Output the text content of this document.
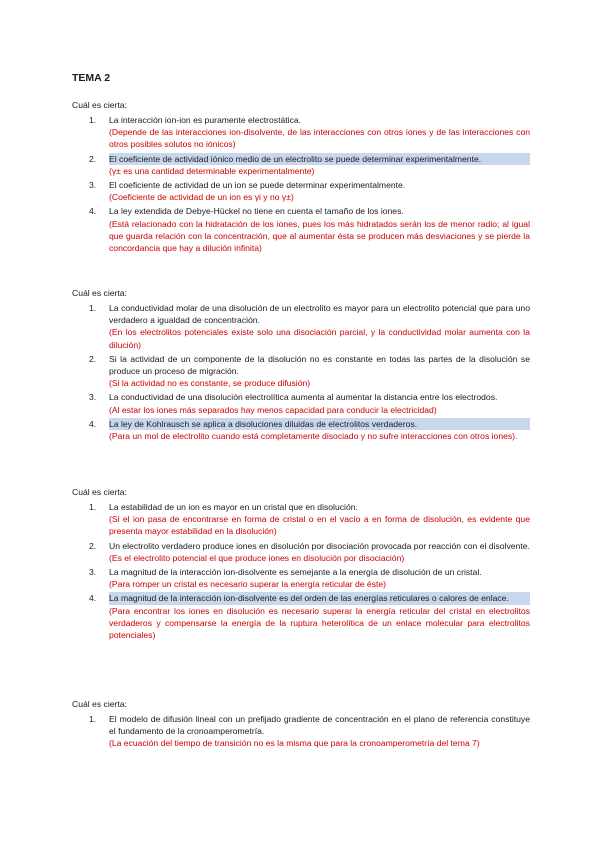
TEMA 2
Cuál es cierta:
1. La interacción ion-ion es puramente electrostática.
(Depende de las interacciones ion-disolvente, de las interacciones con otros iones y de las interacciones con otros posibles solutos no iónicos)
2. El coeficiente de actividad iónico medio de un electrolito se puede determinar experimentalmente.
(γ± es una cantidad determinable experimentalmente)
3. El coeficiente de actividad de un ion se puede determinar experimentalmente.
(Coeficiente de actividad de un ion es γi y no γ±)
4. La ley extendida de Debye-Hückel no tiene en cuenta el tamaño de los iones.
(Está relacionado con la hidratación de los iones, pues los más hidratados serán los de menor radio; al igual que guarda relación con la concentración, que al aumentar ésta se producen más desviaciones y se pierde la concordancia que hay a dilución infinita)
Cuál es cierta:
1. La conductividad molar de una disolución de un electrolito es mayor para un electrolito potencial que para uno verdadero a igualdad de concentración.
(En los electrolitos potenciales existe solo una disociación parcial, y la conductividad molar aumenta con la dilución)
2. Si la actividad de un componente de la disolución no es constante en todas las partes de la disolución se produce un proceso de migración.
(Si la actividad no es constante, se produce difusión)
3. La conductividad de una disolución electrolítica aumenta al aumentar la distancia entre los electrodos.
(Al estar los iones más separados hay menos capacidad para conducir la electricidad)
4. La ley de Kohlrausch se aplica a disoluciones diluidas de electrolitos verdaderos.
(Para un mol de electrolito cuando está completamente disociado y no sufre interacciones con otros iones).
Cuál es cierta:
1. La estabilidad de un ion es mayor en un cristal que en disolución.
(Si el ion pasa de encontrarse en forma de cristal o en el vacío a en forma de disolución, es evidente que presenta mayor estabilidad en la disolución)
2. Un electrolito verdadero produce iones en disolución por disociación provocada por reacción con el disolvente.
(Es el electrolito potencial el que produce iones en disolución por disociación)
3. La magnitud de la interacción ion-disolvente es semejante a la energía de disolución de un cristal.
(Para romper un cristal es necesario superar la energía reticular de éste)
4. La magnitud de la interacción ion-disolvente es del orden de las energías reticulares o calores de enlace.
(Para encontrar los iones en disolución es necesario superar la energía reticular del cristal en electrolitos verdaderos y compensarse la energía de la ruptura heterolítica de un enlace molecular para electrolitos potenciales)
Cuál es cierta:
1. El modelo de difusión lineal con un prefijado gradiente de concentración en el plano de referencia constituye el fundamento de la cronoamperometría.
(La ecuación del tiempo de transición no es la misma que para la cronoamperometría del tema 7)
